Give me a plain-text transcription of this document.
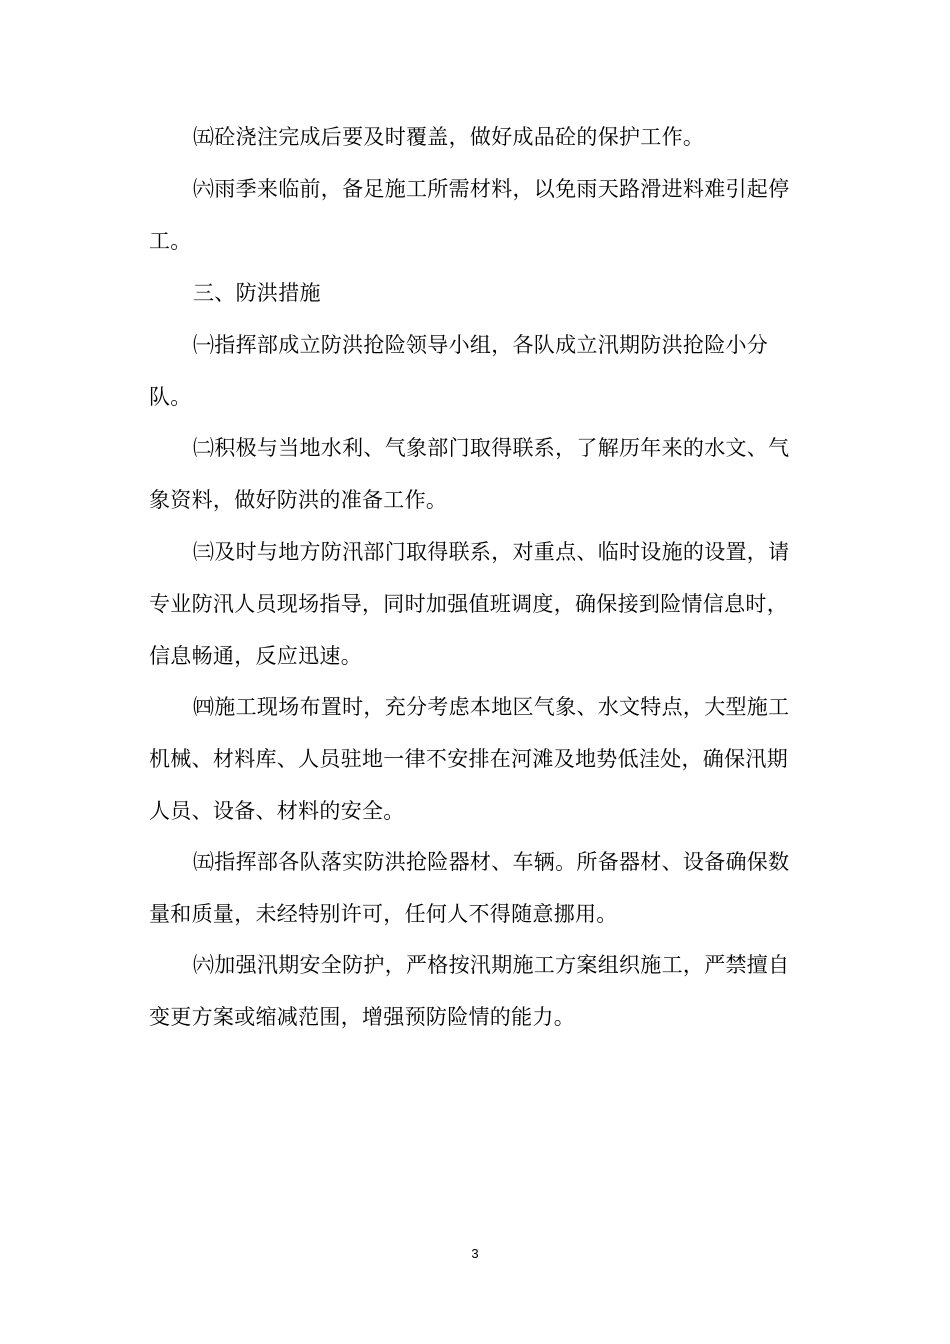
㈤砼浇注完成后要及时覆盖，做好成品砼的保护工作。

㈥雨季来临前，备足施工所需材料，以免雨天路滑进料难引起停工。

三、防洪措施

㈠指挥部成立防洪抢险领导小组，各队成立汛期防洪抢险小分队。

㈡积极与当地水利、气象部门取得联系，了解历年来的水文、气象资料，做好防洪的准备工作。

㈢及时与地方防汛部门取得联系，对重点、临时设施的设置，请专业防汛人员现场指导，同时加强值班调度，确保接到险情信息时，信息畅通，反应迅速。

㈣施工现场布置时，充分考虑本地区气象、水文特点，大型施工机械、材料库、人员驻地一律不安排在河滩及地势低洼处，确保汛期人员、设备、材料的安全。

㈤指挥部各队落实防洪抢险器材、车辆。所备器材、设备确保数量和质量，未经特别许可，任何人不得随意挪用。

㈥加强汛期安全防护，严格按汛期施工方案组织施工，严禁擅自变更方案或缩减范围，增强预防险情的能力。

3
